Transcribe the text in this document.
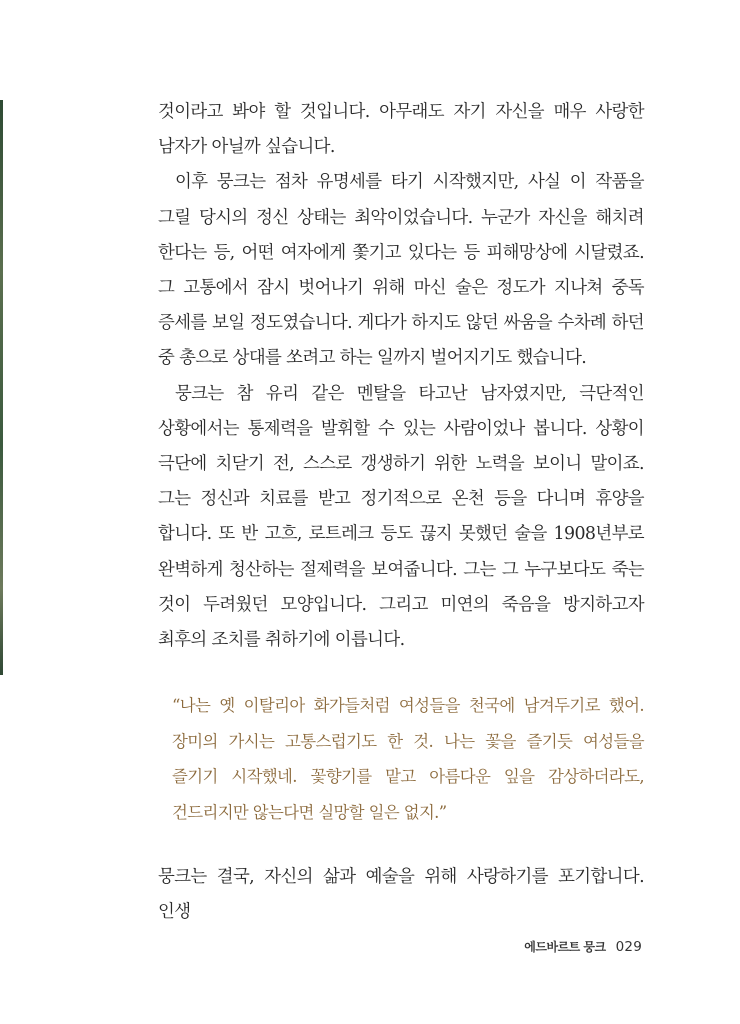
것이라고 봐야 할 것입니다. 아무래도 자기 자신을 매우 사랑한 남자가 아닐까 싶습니다.

이후 뭉크는 점차 유명세를 타기 시작했지만, 사실 이 작품을 그릴 당시의 정신 상태는 최악이었습니다. 누군가 자신을 해치려 한다는 등, 어떤 여자에게 쫓기고 있다는 등 피해망상에 시달렸죠. 그 고통에서 잠시 벗어나기 위해 마신 술은 정도가 지나쳐 중독 증세를 보일 정도였습니다. 게다가 하지도 않던 싸움을 수차례 하던 중 총으로 상대를 쏘려고 하는 일까지 벌어지기도 했습니다.

뭉크는 참 유리 같은 멘탈을 타고난 남자였지만, 극단적인 상황에서는 통제력을 발휘할 수 있는 사람이었나 봅니다. 상황이 극단에 치닫기 전, 스스로 갱생하기 위한 노력을 보이니 말이죠. 그는 정신과 치료를 받고 정기적으로 온천 등을 다니며 휴양을 합니다. 또 반 고흐, 로트레크 등도 끊지 못했던 술을 1908년부로 완벽하게 청산하는 절제력을 보여줍니다. 그는 그 누구보다도 죽는 것이 두려웠던 모양입니다. 그리고 미연의 죽음을 방지하고자 최후의 조치를 취하기에 이릅니다.

“나는 옛 이탈리아 화가들처럼 여성들을 천국에 남겨두기로 했어. 장미의 가시는 고통스럽기도 한 것. 나는 꽃을 즐기듯 여성들을 즐기기 시작했네. 꽃향기를 맡고 아름다운 잎을 감상하더라도, 건드리지만 않는다면 실망할 일은 없지.”

뭉크는 결국, 자신의 삶과 예술을 위해 사랑하기를 포기합니다. 인생

에드바르트 뭉크 029
